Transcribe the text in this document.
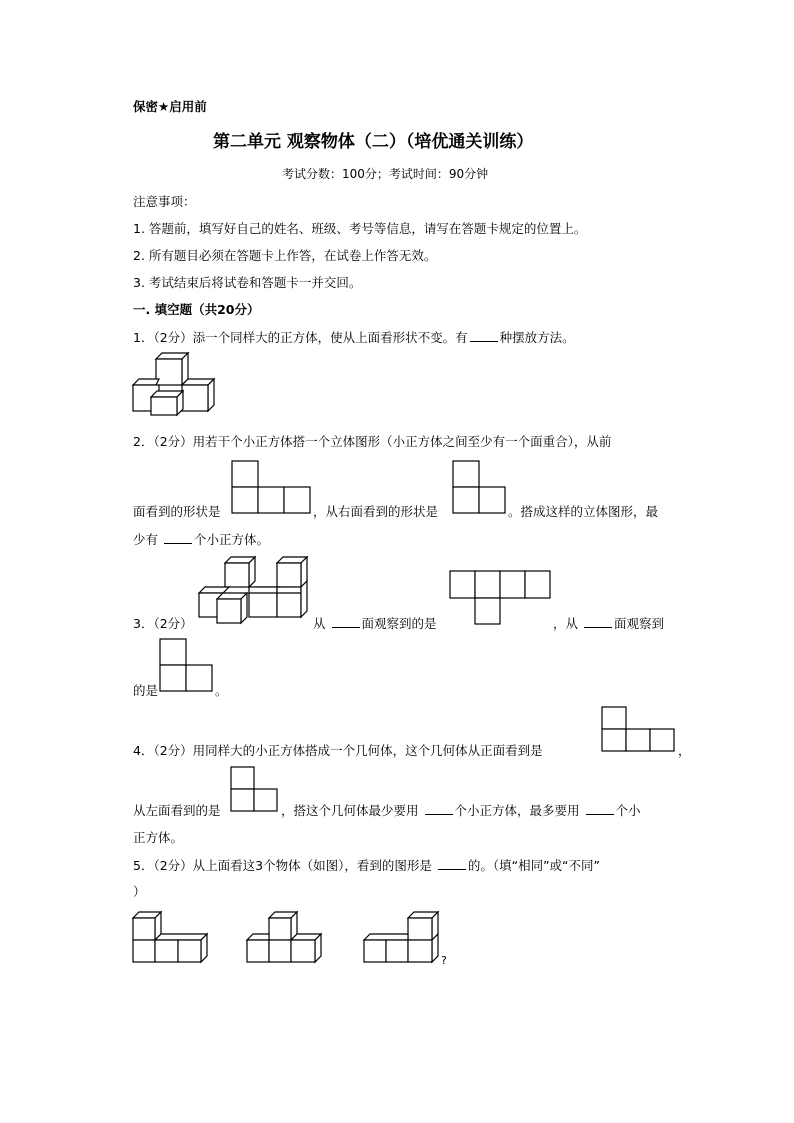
保密★启用前
第二单元 观察物体（二）（培优通关训练）
考试分数：100分；考试时间：90分钟
注意事项：
1. 答题前，填写好自己的姓名、班级、考号等信息，请写在答题卡规定的位置上。
2. 所有题目必须在答题卡上作答，在试卷上作答无效。
3. 考试结束后将试卷和答题卡一并交回。
一. 填空题（共20分）
1．（2分）添一个同样大的正方体，使从上面看形状不变。有	种摆放方法。
2．（2分）用若干个小正方体搭一个立体图形（小正方体之间至少有一个面重合），从前
面看到的形状是	，从右面看到的形状是	。搭成这样的立体图形，最
少有	个小正方体。
3．（2分）	从	面观察到的是	，从	面观察到
的是	。
4．（2分）用同样大的小正方体搭成一个几何体，这个几何体从正面看到是	，
从左面看到的是	，搭这个几何体最少要用	个小正方体，最多要用	个小
正方体。
5．（2分）从上面看这3个物体（如图），看到的图形是	的。（填“相同”或“不同”
）
?
